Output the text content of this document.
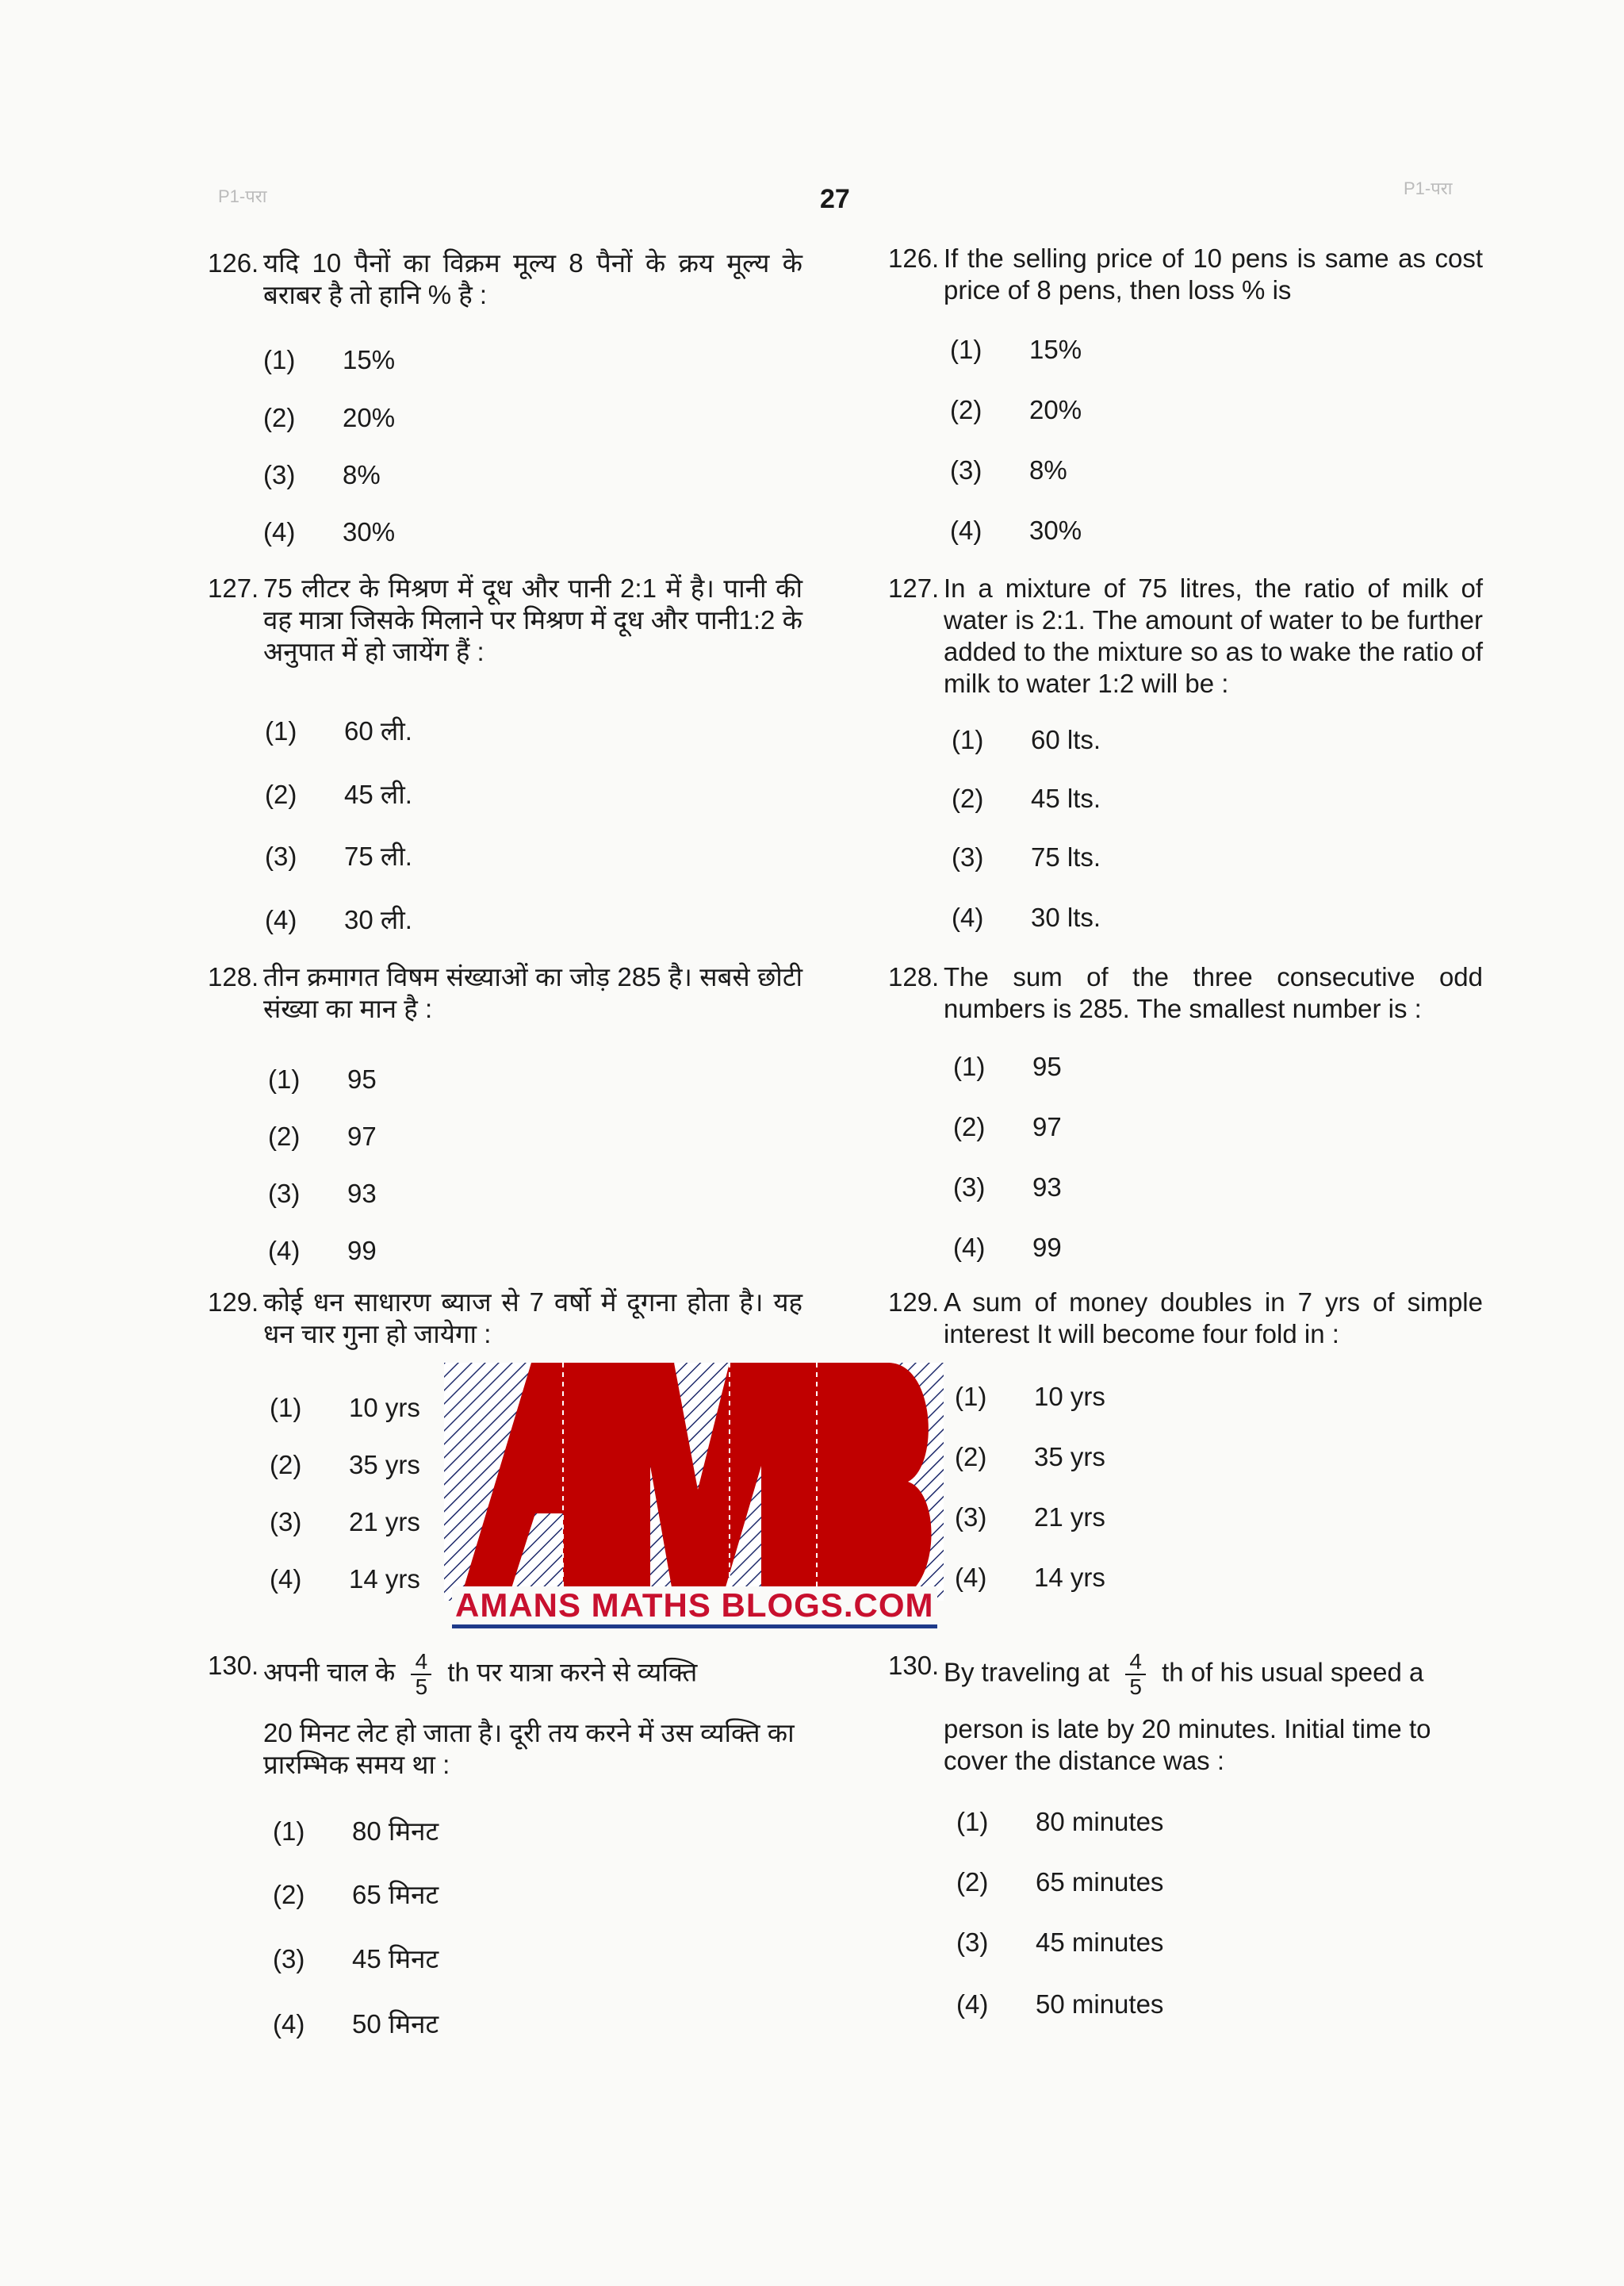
P1-परा	P1-परा
27
126. यदि 10 पैनों का विक्रम मूल्य 8 पैनों के क्रय मूल्य के बराबर है तो हानि % है :
(1) 15%
(2) 20%
(3) 8%
(4) 30%
127. 75 लीटर के मिश्रण में दूध और पानी 2:1 में है। पानी की वह मात्रा जिसके मिलाने पर मिश्रण में दूध और पानी1:2 के अनुपात में हो जायेंग हैं :
(1) 60 ली.
(2) 45 ली.
(3) 75 ली.
(4) 30 ली.
128. तीन क्रमागत विषम संख्याओं का जोड़ 285 है। सबसे छोटी संख्या का मान है :
(1) 95
(2) 97
(3) 93
(4) 99
129. कोई धन साधारण ब्याज से 7 वर्षो में दूगना होता है। यह धन चार गुना हो जायेगा :
(1) 10 yrs
(2) 35 yrs
(3) 21 yrs
(4) 14 yrs
130. अपनी चाल के $\frac{4}{5}$ th पर यात्रा करने से व्यक्ति
20 मिनट लेट हो जाता है। दूरी तय करने में उस व्यक्ति का प्रारम्भिक समय था :
(1) 80 मिनट
(2) 65 मिनट
(3) 45 मिनट
(4) 50 मिनट
126. If the selling price of 10 pens is same as cost price of 8 pens, then loss % is
(1) 15%
(2) 20%
(3) 8%
(4) 30%
127. In a mixture of 75 litres, the ratio of milk of water is 2:1. The amount of water to be further added to the mixture so as to wake the ratio of milk to water 1:2 will be :
(1) 60 lts.
(2) 45 lts.
(3) 75 lts.
(4) 30 lts.
128. The sum of the three consecutive odd numbers is 285. The smallest number is :
(1) 95
(2) 97
(3) 93
(4) 99
129. A sum of money doubles in 7 yrs of simple interest It will become four fold in :
(1) 10 yrs
(2) 35 yrs
(3) 21 yrs
(4) 14 yrs
130. By traveling at $\frac{4}{5}$ th of his usual speed a
person is late by 20 minutes. Initial time to cover the distance was :
(1) 80 minutes
(2) 65 minutes
(3) 45 minutes
(4) 50 minutes
AMANS MATHS BLOGS.COM
